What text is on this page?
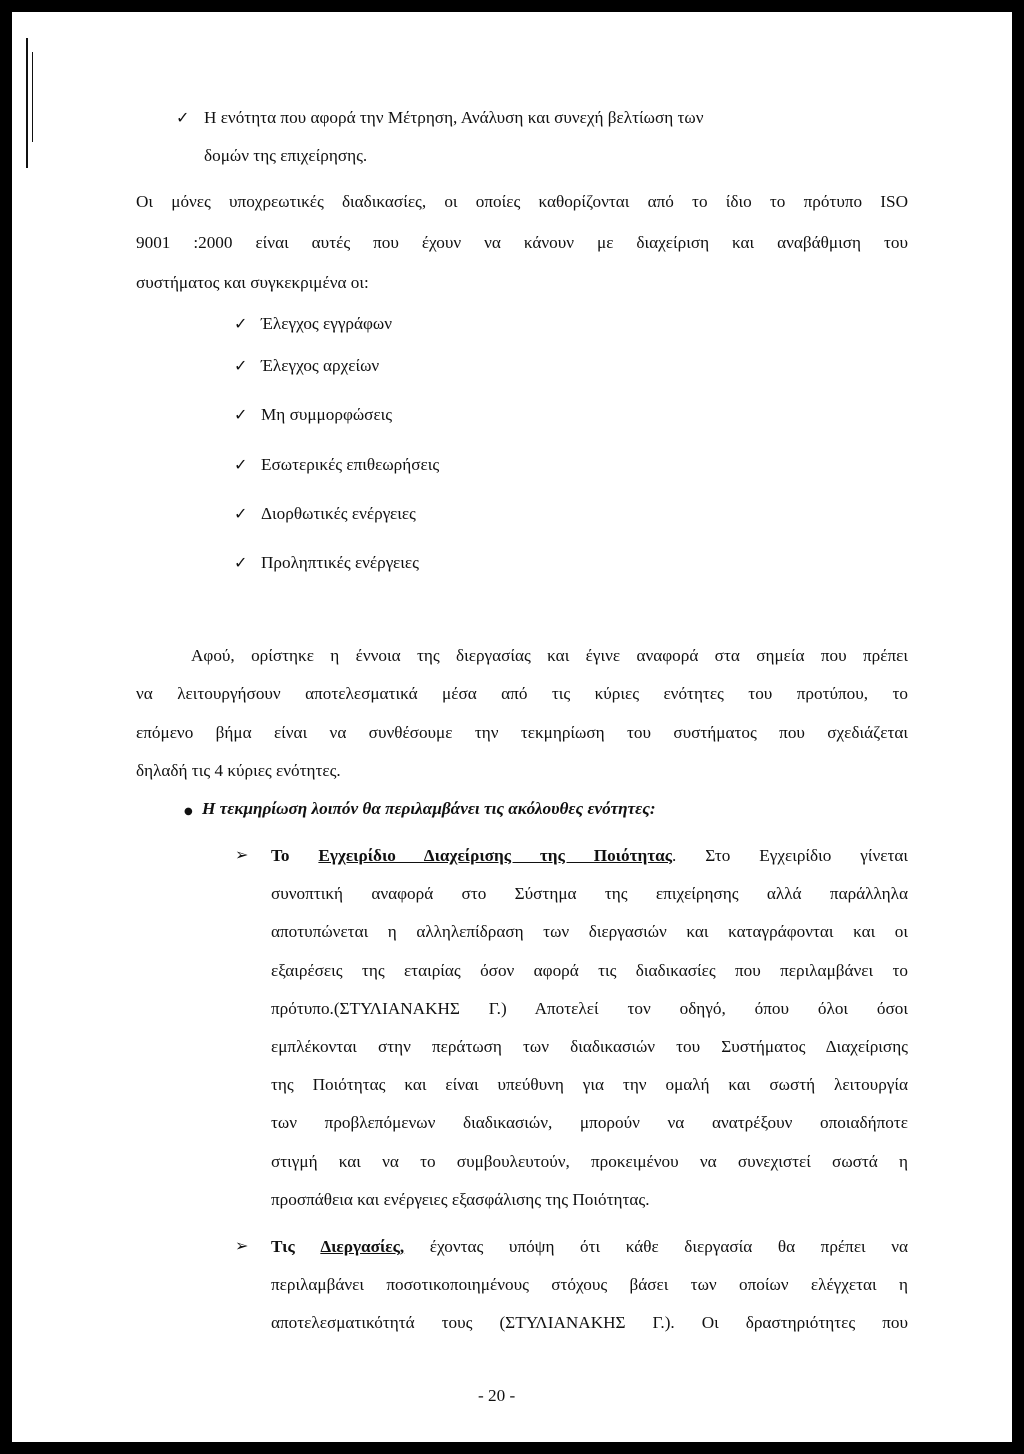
✓ Η ενότητα που αφορά την Μέτρηση, Ανάλυση και συνεχή βελτίωση των
δομών της επιχείρησης.
Οι μόνες υποχρεωτικές διαδικασίες, οι οποίες καθορίζονται από το ίδιο το πρότυπο ISO
9001 :2000 είναι αυτές που έχουν να κάνουν με διαχείριση και αναβάθμιση του
συστήματος και συγκεκριμένα οι:
✓ Έλεγχος εγγράφων
✓ Έλεγχος αρχείων
✓ Μη συμμορφώσεις
✓ Εσωτερικές επιθεωρήσεις
✓ Διορθωτικές ενέργειες
✓ Προληπτικές ενέργειες
Αφού, ορίστηκε η έννοια της διεργασίας και έγινε αναφορά στα σημεία που πρέπει
να λειτουργήσουν αποτελεσματικά μέσα από τις κύριες ενότητες του προτύπου, το
επόμενο βήμα είναι να συνθέσουμε την τεκμηρίωση του συστήματος που σχεδιάζεται
δηλαδή τις 4 κύριες ενότητες.
● Η τεκμηρίωση λοιπόν θα περιλαμβάνει τις ακόλουθες ενότητες:
➢ Το Εγχειρίδιο Διαχείρισης της Ποιότητας. Στο Εγχειρίδιο γίνεται
συνοπτική αναφορά στο Σύστημα της επιχείρησης αλλά παράλληλα
αποτυπώνεται η αλληλεπίδραση των διεργασιών και καταγράφονται και οι
εξαιρέσεις της εταιρίας όσον αφορά τις διαδικασίες που περιλαμβάνει το
πρότυπο.(ΣΤΥΛΙΑΝΑΚΗΣ Γ.) Αποτελεί τον οδηγό, όπου όλοι όσοι
εμπλέκονται στην περάτωση των διαδικασιών του Συστήματος Διαχείρισης
της Ποιότητας και είναι υπεύθυνη για την ομαλή και σωστή λειτουργία
των προβλεπόμενων διαδικασιών, μπορούν να ανατρέξουν οποιαδήποτε
στιγμή και να το συμβουλευτούν, προκειμένου να συνεχιστεί σωστά η
προσπάθεια και ενέργειες εξασφάλισης της Ποιότητας.
➢ Τις Διεργασίες, έχοντας υπόψη ότι κάθε διεργασία θα πρέπει να
περιλαμβάνει ποσοτικοποιημένους στόχους βάσει των οποίων ελέγχεται η
αποτελεσματικότητά τους (ΣΤΥΛΙΑΝΑΚΗΣ Γ.). Οι δραστηριότητες που
- 20 -
